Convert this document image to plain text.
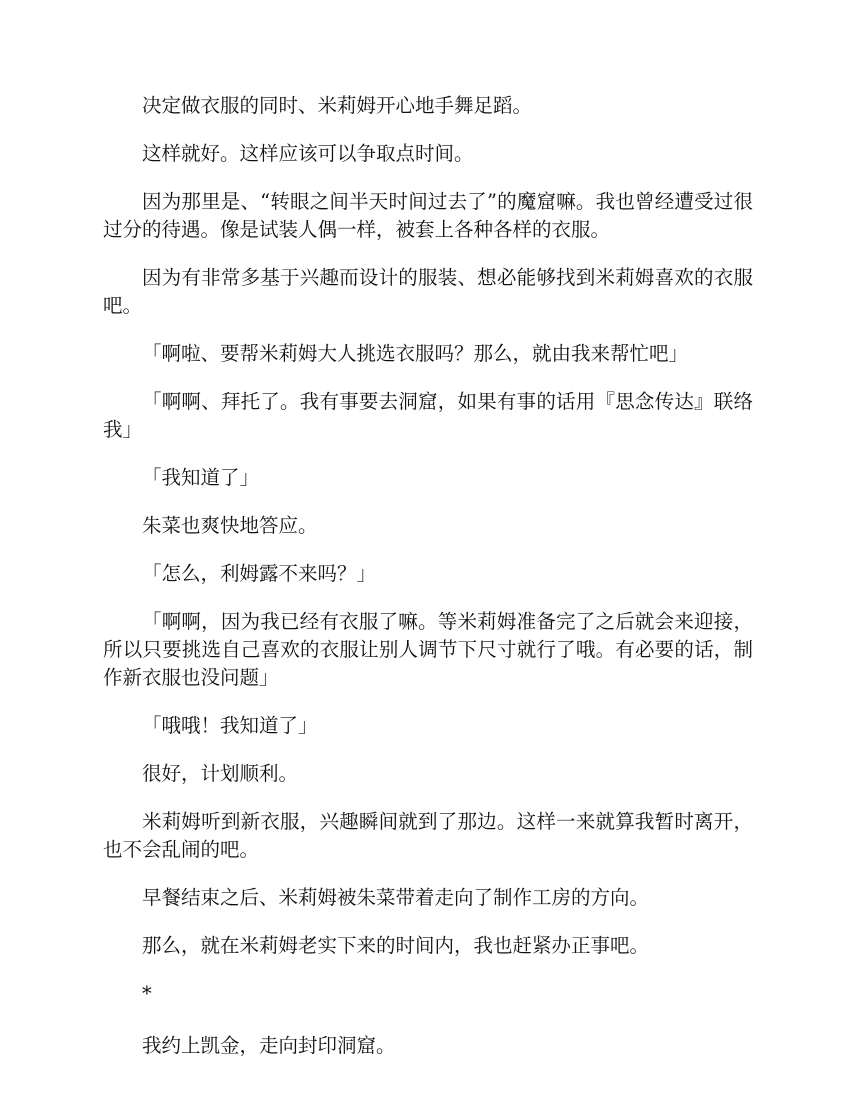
决定做衣服的同时、米莉姆开心地手舞足蹈。

这样就好。这样应该可以争取点时间。

因为那里是、“转眼之间半天时间过去了”的魔窟嘛。我也曾经遭受过很过分的待遇。像是试装人偶一样，被套上各种各样的衣服。

因为有非常多基于兴趣而设计的服装、想必能够找到米莉姆喜欢的衣服吧。

「啊啦、要帮米莉姆大人挑选衣服吗？那么，就由我来帮忙吧」

「啊啊、拜托了。我有事要去洞窟，如果有事的话用『思念传达』联络我」

「我知道了」

朱菜也爽快地答应。

「怎么，利姆露不来吗？」

「啊啊，因为我已经有衣服了嘛。等米莉姆准备完了之后就会来迎接，所以只要挑选自己喜欢的衣服让别人调节下尺寸就行了哦。有必要的话，制作新衣服也没问题」

「哦哦！我知道了」

很好，计划顺利。

米莉姆听到新衣服，兴趣瞬间就到了那边。这样一来就算我暂时离开，也不会乱闹的吧。

早餐结束之后、米莉姆被朱菜带着走向了制作工房的方向。

那么，就在米莉姆老实下来的时间内，我也赶紧办正事吧。

*

我约上凯金，走向封印洞窟。
